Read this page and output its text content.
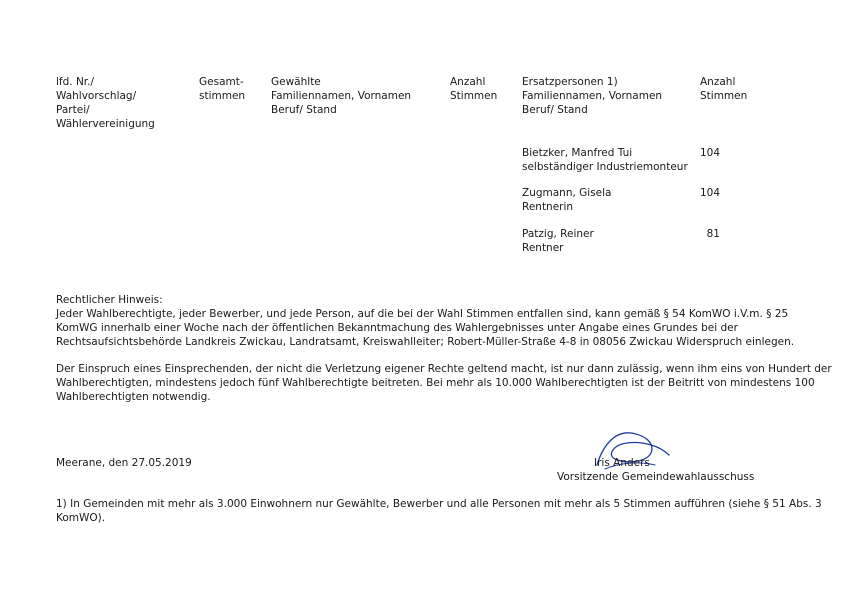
lfd. Nr./
Wahlvorschlag/
Partei/
Wählervereinigung
Gesamt-
stimmen
Gewählte
Familiennamen, Vornamen
Beruf/ Stand
Anzahl
Stimmen
Ersatzpersonen 1)
Familiennamen, Vornamen
Beruf/ Stand
Anzahl
Stimmen
Bietzker, Manfred Tui
selbständiger Industriemonteur
104
Zugmann, Gisela
Rentnerin
104
Patzig, Reiner
Rentner
81
Rechtlicher Hinweis:
Jeder Wahlberechtigte, jeder Bewerber, und jede Person, auf die bei der Wahl Stimmen entfallen sind, kann gemäß § 54 KomWO i.V.m. § 25
KomWG innerhalb einer Woche nach der öffentlichen Bekanntmachung des Wahlergebnisses unter Angabe eines Grundes bei der
Rechtsaufsichtsbehörde Landkreis Zwickau, Landratsamt, Kreiswahlleiter; Robert-Müller-Straße 4-8 in 08056 Zwickau Widerspruch einlegen.
Der Einspruch eines Einsprechenden, der nicht die Verletzung eigener Rechte geltend macht, ist nur dann zulässig, wenn ihm eins von Hundert der
Wahlberechtigten, mindestens jedoch fünf Wahlberechtigte beitreten. Bei mehr als 10.000 Wahlberechtigten ist der Beitritt von mindestens 100
Wahlberechtigten notwendig.
Meerane, den 27.05.2019	Iris Anders
Vorsitzende Gemeindewahlausschuss
1) In Gemeinden mit mehr als 3.000 Einwohnern nur Gewählte, Bewerber und alle Personen mit mehr als 5 Stimmen aufführen (siehe § 51 Abs. 3
KomWO).
